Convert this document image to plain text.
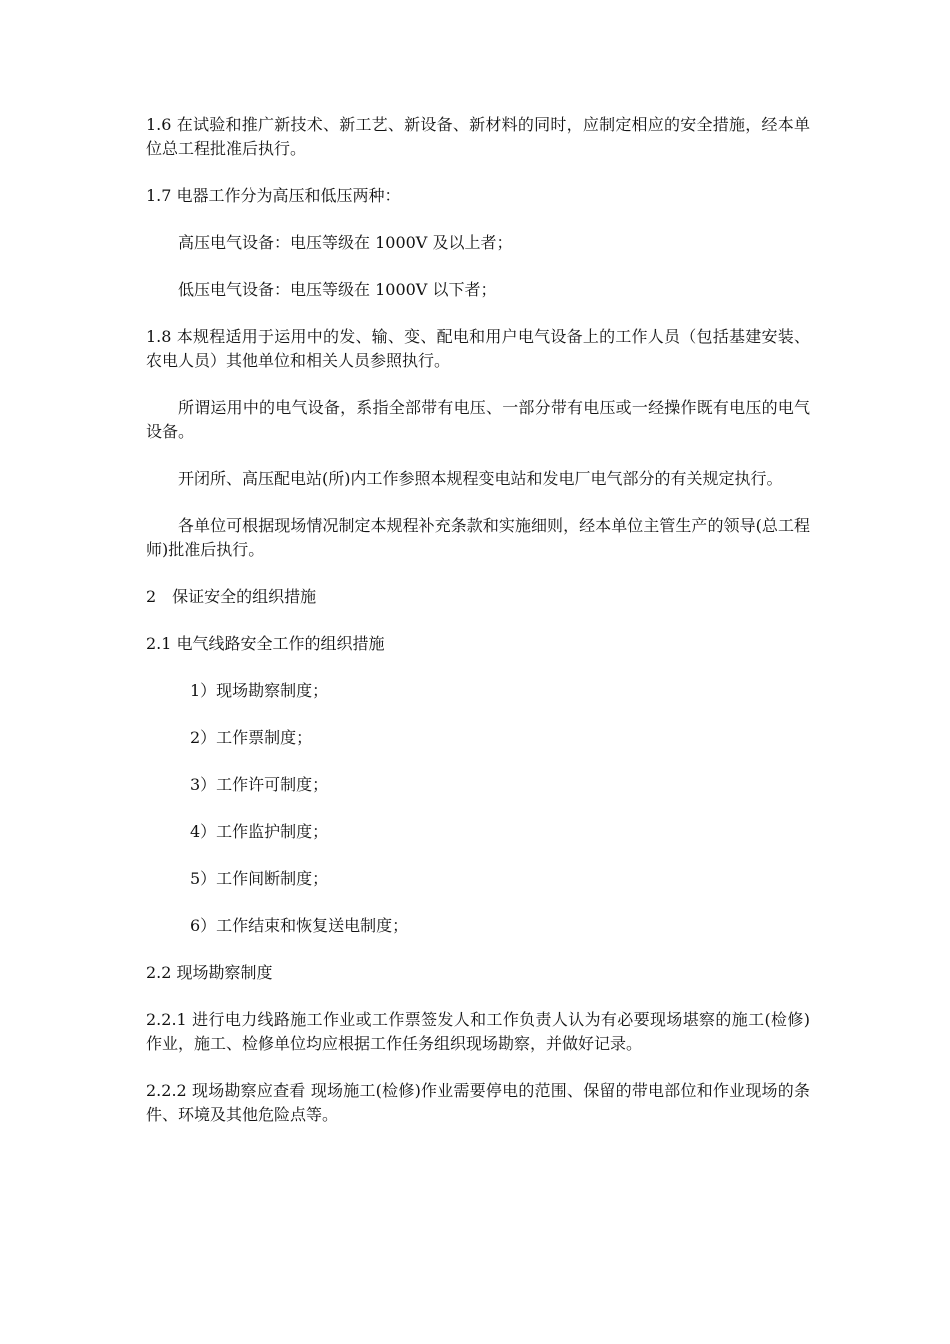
1.6 在试验和推广新技术、新工艺、新设备、新材料的同时，应制定相应的安全措施，经本单位总工程批准后执行。

1.7 电器工作分为高压和低压两种：

高压电气设备：电压等级在 1000V 及以上者；

低压电气设备：电压等级在 1000V 以下者；

1.8 本规程适用于运用中的发、输、变、配电和用户电气设备上的工作人员（包括基建安装、农电人员）其他单位和相关人员参照执行。

所谓运用中的电气设备，系指全部带有电压、一部分带有电压或一经操作既有电压的电气设备。

开闭所、高压配电站(所)内工作参照本规程变电站和发电厂电气部分的有关规定执行。

各单位可根据现场情况制定本规程补充条款和实施细则，经本单位主管生产的领导(总工程师)批准后执行。

2　保证安全的组织措施

2.1 电气线路安全工作的组织措施

1）现场勘察制度；

2）工作票制度；

3）工作许可制度；

4）工作监护制度；

5）工作间断制度；

6）工作结束和恢复送电制度；

2.2 现场勘察制度

2.2.1 进行电力线路施工作业或工作票签发人和工作负责人认为有必要现场堪察的施工(检修)作业，施工、检修单位均应根据工作任务组织现场勘察，并做好记录。

2.2.2 现场勘察应查看 现场施工(检修)作业需要停电的范围、保留的带电部位和作业现场的条件、环境及其他危险点等。
